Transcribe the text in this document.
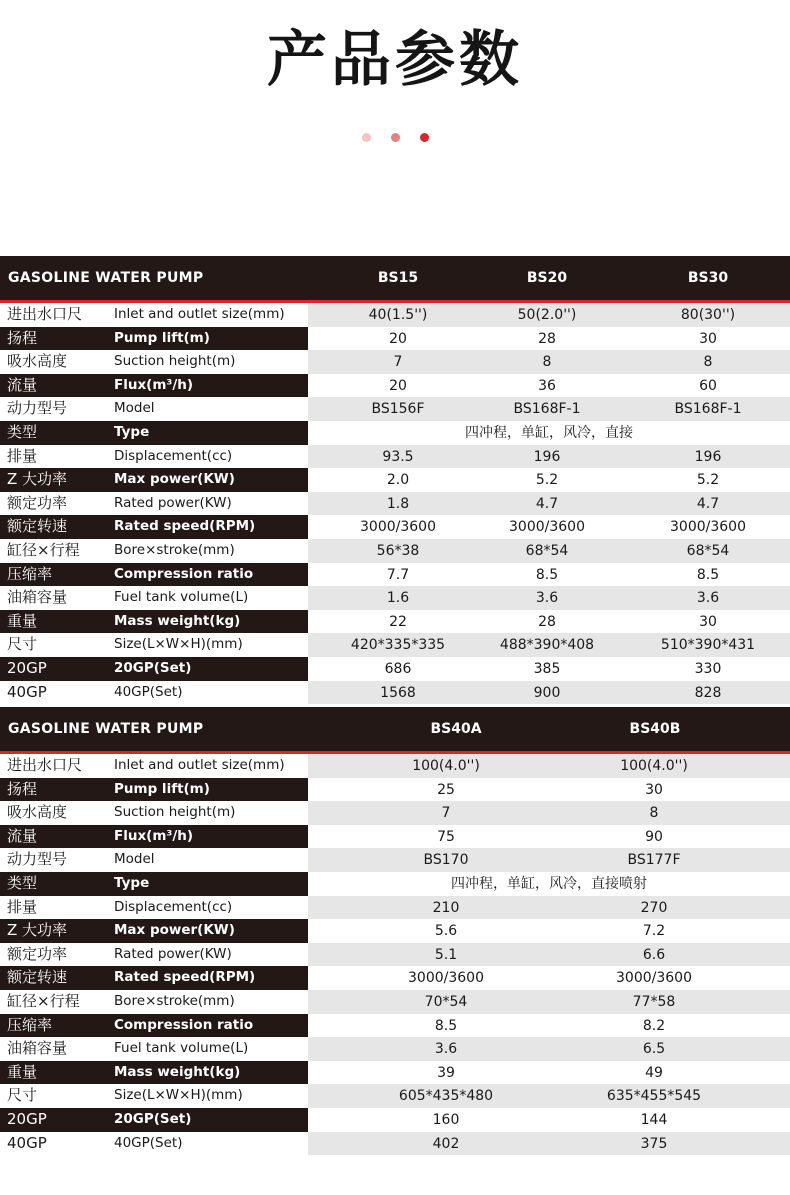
产品参数
GASOLINE WATER PUMP	BS15	BS20	BS30
进出水口尺	Inlet and outlet size(mm)	40(1.5'')	50(2.0'')	80(30'')
扬程	Pump lift(m)	20	28	30
吸水高度	Suction height(m)	7	8	8
流量	Flux(m³/h)	20	36	60
动力型号	Model	BS156F	BS168F-1	BS168F-1
类型	Type	四冲程，单缸，风冷，直接
排量	Displacement(cc)	93.5	196	196
Z 大功率	Max power(KW)	2.0	5.2	5.2
额定功率	Rated power(KW)	1.8	4.7	4.7
额定转速	Rated speed(RPM)	3000/3600	3000/3600	3000/3600
缸径×行程	Bore×stroke(mm)	56*38	68*54	68*54
压缩率	Compression ratio	7.7	8.5	8.5
油箱容量	Fuel tank volume(L)	1.6	3.6	3.6
重量	Mass weight(kg)	22	28	30
尺寸	Size(L×W×H)(mm)	420*335*335	488*390*408	510*390*431
20GP	20GP(Set)	686	385	330
40GP	40GP(Set)	1568	900	828
GASOLINE WATER PUMP	BS40A	BS40B
进出水口尺	Inlet and outlet size(mm)	100(4.0'')	100(4.0'')
扬程	Pump lift(m)	25	30
吸水高度	Suction height(m)	7	8
流量	Flux(m³/h)	75	90
动力型号	Model	BS170	BS177F
类型	Type	四冲程，单缸，风冷，直接喷射
排量	Displacement(cc)	210	270
Z 大功率	Max power(KW)	5.6	7.2
额定功率	Rated power(KW)	5.1	6.6
额定转速	Rated speed(RPM)	3000/3600	3000/3600
缸径×行程	Bore×stroke(mm)	70*54	77*58
压缩率	Compression ratio	8.5	8.2
油箱容量	Fuel tank volume(L)	3.6	6.5
重量	Mass weight(kg)	39	49
尺寸	Size(L×W×H)(mm)	605*435*480	635*455*545
20GP	20GP(Set)	160	144
40GP	40GP(Set)	402	375
